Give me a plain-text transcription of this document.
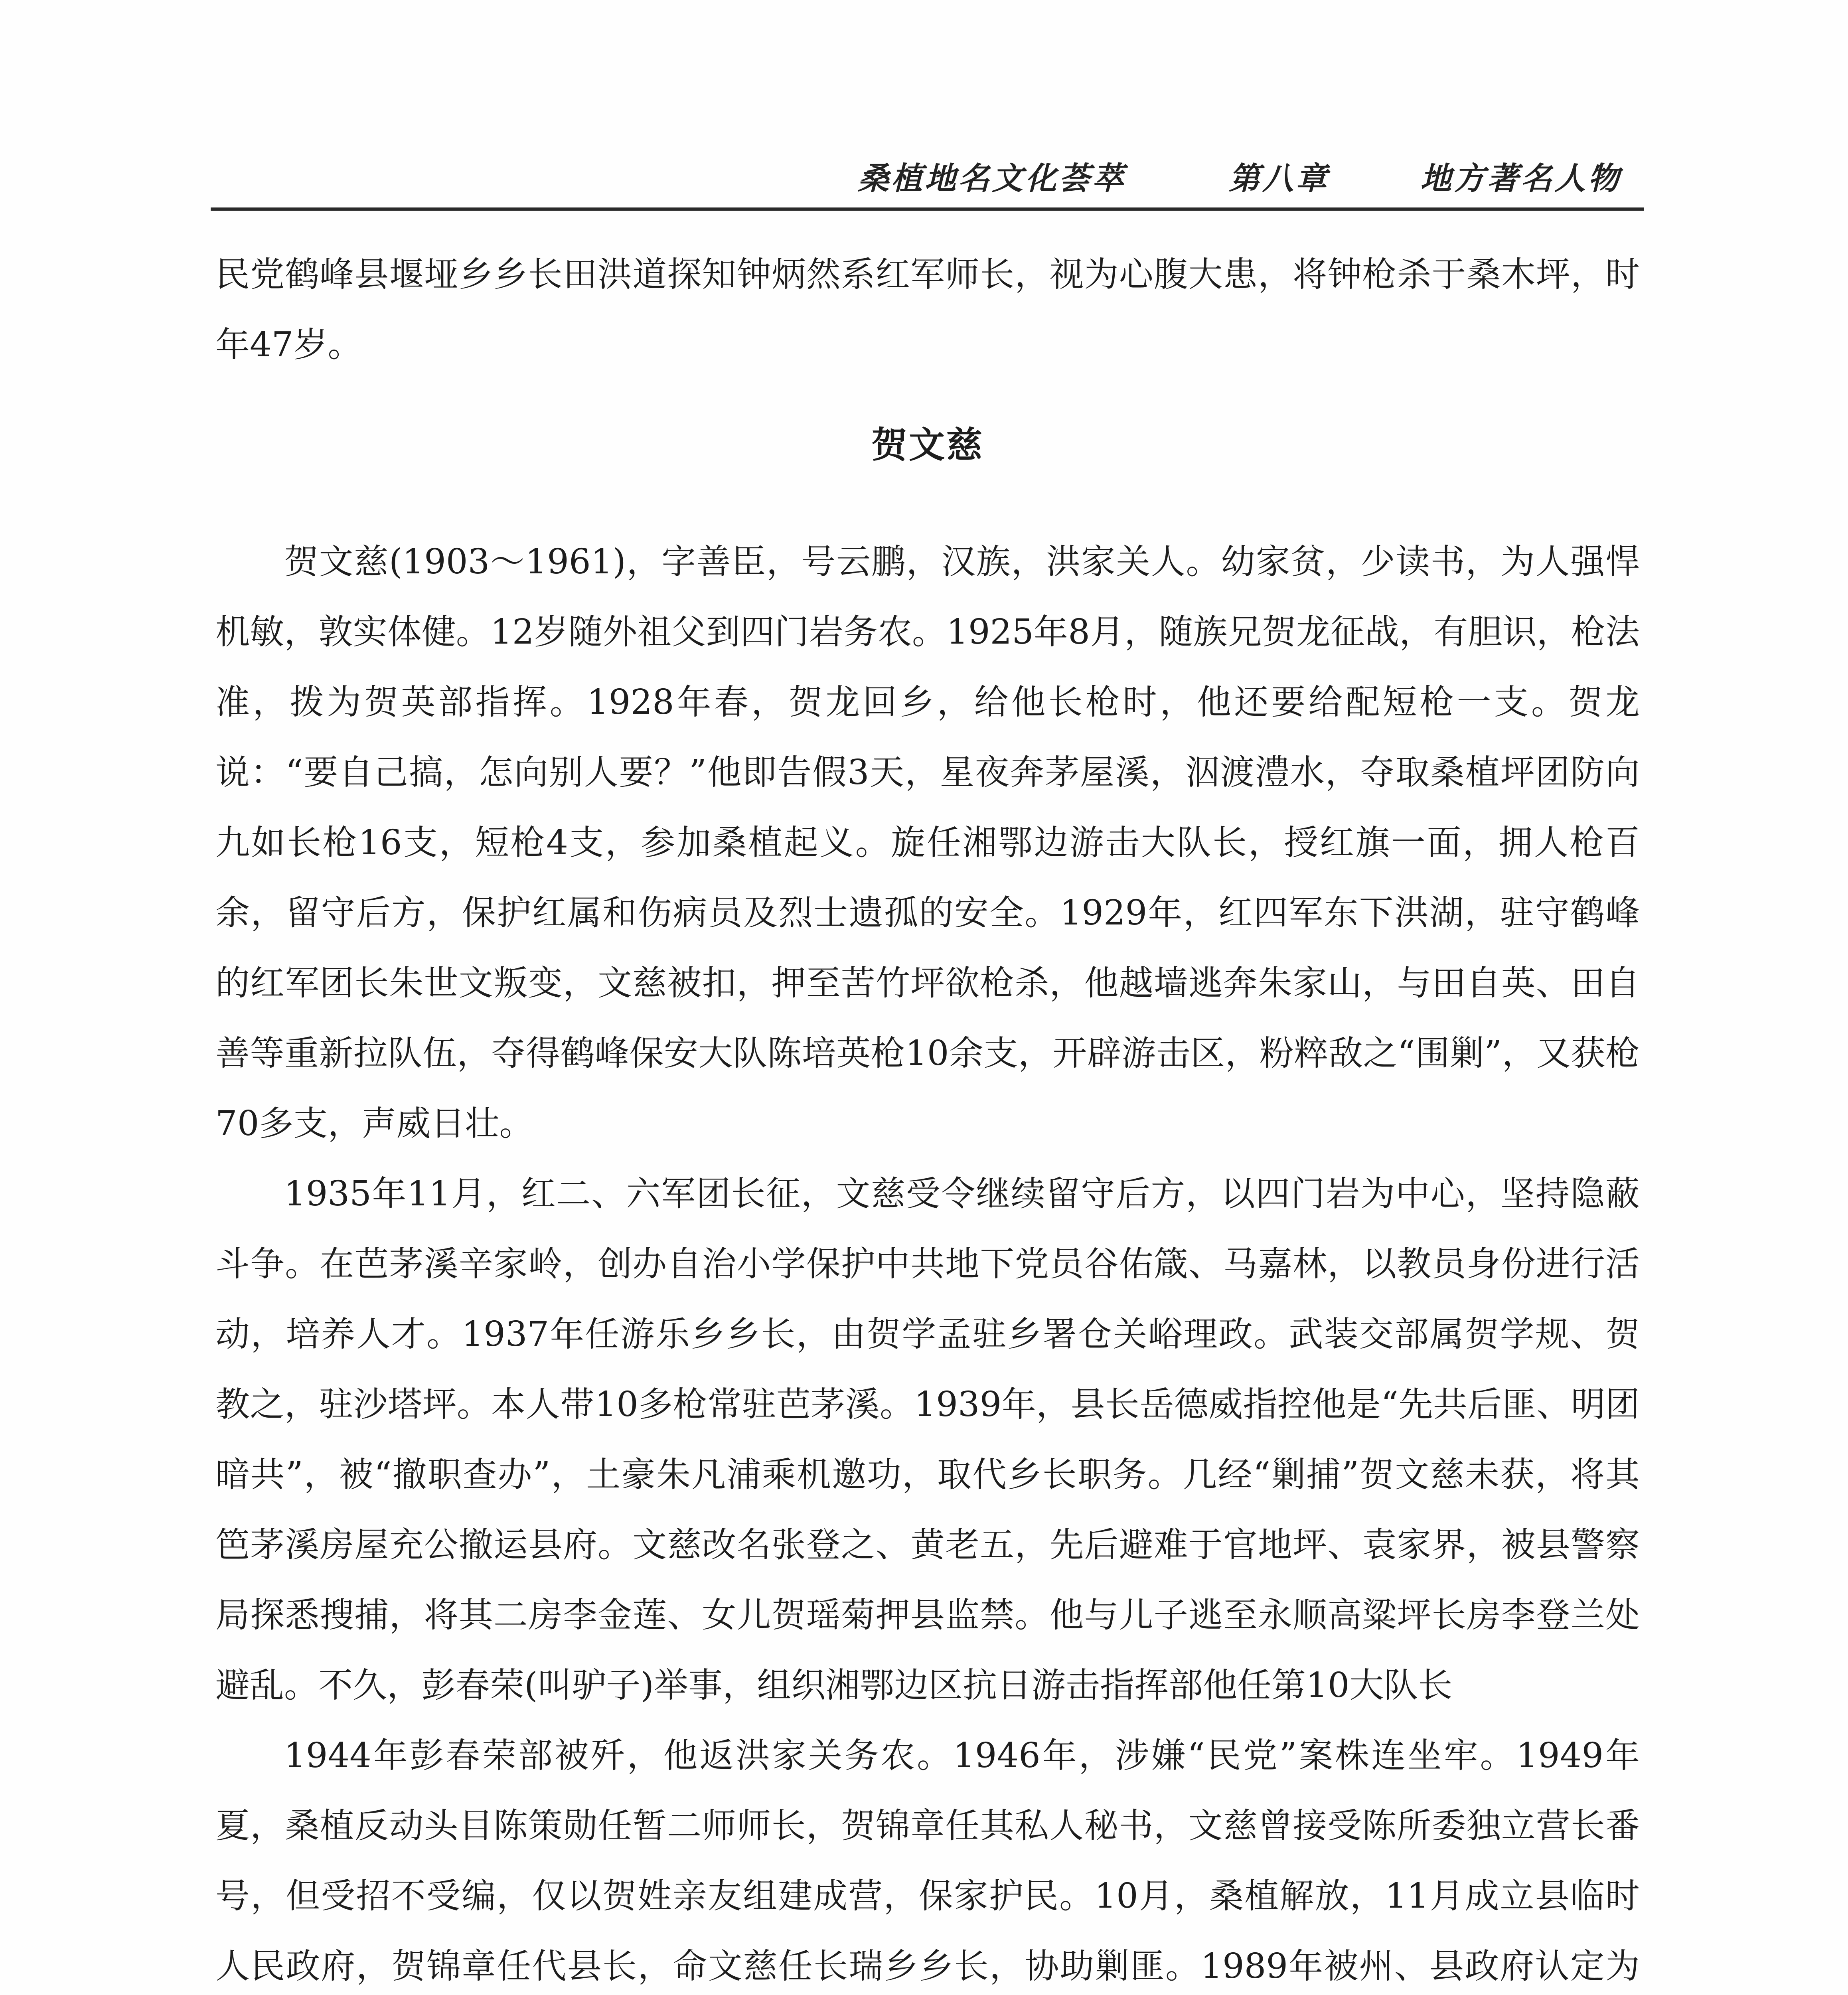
桑植地名文化荟萃	第八章	地方著名人物

民党鹤峰县堰垭乡乡长田洪道探知钟炳然系红军师长，视为心腹大患，将钟枪杀于桑木坪，时年47岁。

贺文慈

贺文慈(1903～1961)，字善臣，号云鹏，汉族，洪家关人。幼家贫，少读书，为人强悍机敏，敦实体健。12岁随外祖父到四门岩务农。1925年8月，随族兄贺龙征战，有胆识，枪法准，拨为贺英部指挥。1928年春，贺龙回乡，给他长枪时，他还要给配短枪一支。贺龙说：“要自己搞，怎向别人要？”他即告假3天，星夜奔茅屋溪，泅渡澧水，夺取桑植坪团防向九如长枪16支，短枪4支，参加桑植起义。旋任湘鄂边游击大队长，授红旗一面，拥人枪百余，留守后方，保护红属和伤病员及烈士遗孤的安全。1929年，红四军东下洪湖，驻守鹤峰的红军团长朱世文叛变，文慈被扣，押至苦竹坪欲枪杀，他越墙逃奔朱家山，与田自英、田自善等重新拉队伍，夺得鹤峰保安大队陈培英枪10余支，开辟游击区，粉粹敌之“围剿”，又获枪70多支，声威日壮。

1935年11月，红二、六军团长征，文慈受令继续留守后方，以四门岩为中心，坚持隐蔽斗争。在芭茅溪辛家岭，创办自治小学保护中共地下党员谷佑箴、马嘉林，以教员身份进行活动，培养人才。1937年任游乐乡乡长，由贺学孟驻乡署仓关峪理政。武装交部属贺学规、贺教之，驻沙塔坪。本人带10多枪常驻芭茅溪。1939年，县长岳德威指控他是“先共后匪、明团暗共”，被“撤职查办”，土豪朱凡浦乘机邀功，取代乡长职务。几经“剿捕”贺文慈未获，将其笆茅溪房屋充公撤运县府。文慈改名张登之、黄老五，先后避难于官地坪、袁家界，被县警察局探悉搜捕，将其二房李金莲、女儿贺瑶菊押县监禁。他与儿子逃至永顺高粱坪长房李登兰处避乱。不久，彭春荣(叫驴子)举事，组织湘鄂边区抗日游击指挥部他任第10大队长

1944年彭春荣部被歼，他返洪家关务农。1946年，涉嫌“民党”案株连坐牢。1949年夏，桑植反动头目陈策勋任暂二师师长，贺锦章任其私人秘书，文慈曾接受陈所委独立营长番号，但受招不受编，仅以贺姓亲友组建成营，保家护民。10月，桑植解放，11月成立县临时人民政府，贺锦章任代县长，命文慈任长瑞乡乡长，协助剿匪。1989年被州、县政府认定为
